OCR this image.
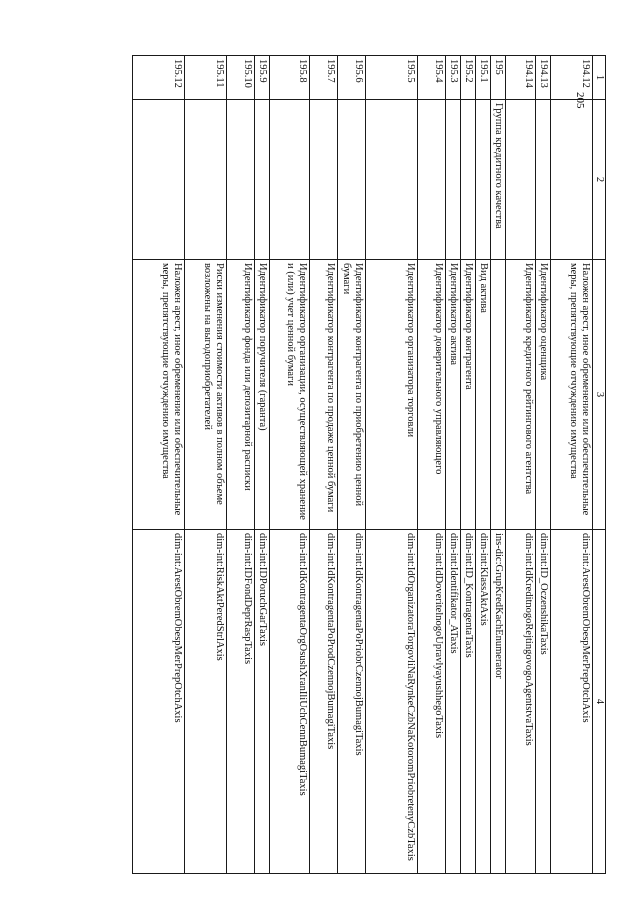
1	2	3	4
194.12		Наложен арест, иное обременение или обеспечительные меры, препятствующие отчуждению имущества	dim-int:ArestObremObespMerPrepOtchAxis
194.13		Идентификатор оценщика	dim-int:ID_OczenshikaTaxis
194.14		Идентификатор кредитного рейтингового агентства	dim-int:IdKreditnogoRejtingovogoAgentstvaTaxis
195	Группа кредитного качества		ins-dic:GrupKredKachEnumerator
195.1		Вид актива	dim-int:KlassAktAxis
195.2		Идентификатор контрагента	dim-int:ID_KontragentaTaxis
195.3		Идентификатор актива	dim-int:Identifikator_ATaxis
195.4		Идентификатор доверительного управляющего	dim-int:IdDoveritelnogoUpravlyayushhegoTaxis
195.5		Идентификатор организатора торговли	dim-int:IdOrganizatoraTorgovliNaRynkeCzbNaKotoromPriobretenyCzbTaxis
195.6		Идентификатор контрагента по приобретению ценной бумаги	dim-int:IdKontragentaPoPriobrCzennojBumagiTaxis
195.7		Идентификатор контрагента по продаже ценной бумаги	dim-int:IdKontragentaPoProdCzennojBumagiTaxis
195.8		Идентификатор организации, осуществляющей хранение и (или) учет ценной бумаги	dim-int:IdKontragentaOrgOsushXranIliUchCennBumagiTaxis
195.9		Идентификатор поручителя (гаранта)	dim-int:IDPoruchGarTaxis
195.10		Идентификатор фонда или депозитарной расписки	dim-int:IDFondDeprRaspTaxis
195.11		Риски изменения стоимости активов в полном объеме возложены на выгодоприобретателей	dim-int:RiskAktPeredStrlAxis
195.12		Наложен арест, иное обременение или обеспечительные меры, препятствующие отчуждению имущества	dim-int:ArestObremObespMerPrepOtchAxis
205
